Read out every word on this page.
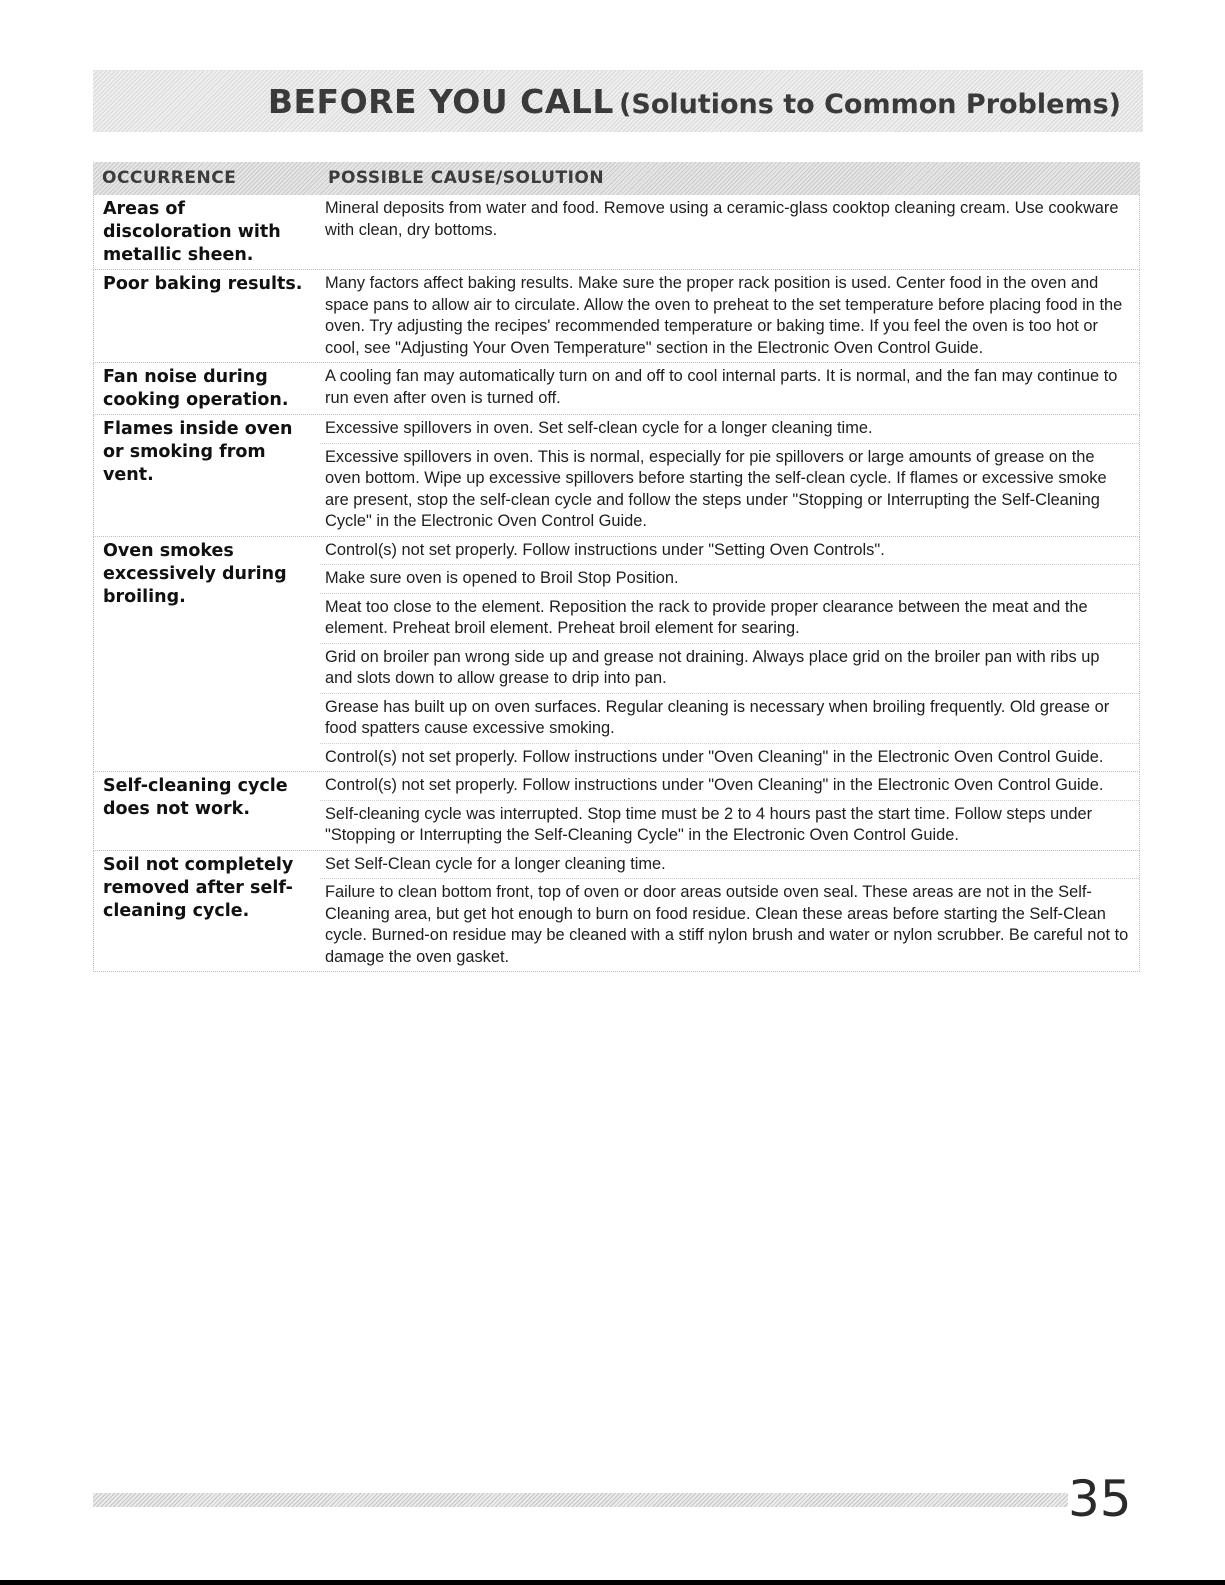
BEFORE YOU CALL (Solutions to Common Problems)
OCCURRENCE	POSSIBLE CAUSE/SOLUTION
Areas of discoloration with metallic sheen.
Mineral deposits from water and food. Remove using a ceramic-glass cooktop cleaning cream. Use cookware with clean, dry bottoms.
Poor baking results.	Many factors affect baking results. Make sure the proper rack position is used. Center food in the oven and space pans to allow air to circulate. Allow the oven to preheat to the set temperature before placing food in the oven. Try adjusting the recipes' recommended temperature or baking time. If you feel the oven is too hot or cool, see "Adjusting Your Oven Temperature" section in the Electronic Oven Control Guide.
Fan noise during cooking operation.
A cooling fan may automatically turn on and off to cool internal parts. It is normal, and the fan may continue to run even after oven is turned off.
Flames inside oven or smoking from vent.
Excessive spillovers in oven. Set self-clean cycle for a longer cleaning time.
Excessive spillovers in oven. This is normal, especially for pie spillovers or large amounts of grease on the oven bottom. Wipe up excessive spillovers before starting the self-clean cycle. If flames or excessive smoke are present, stop the self-clean cycle and follow the steps under "Stopping or Interrupting the Self-Cleaning Cycle" in the Electronic Oven Control Guide.
Oven smokes excessively during broiling.
Control(s) not set properly. Follow instructions under "Setting Oven Controls".
Make sure oven is opened to Broil Stop Position.
Meat too close to the element. Reposition the rack to provide proper clearance between the meat and the element. Preheat broil element. Preheat broil element for searing.
Grid on broiler pan wrong side up and grease not draining. Always place grid on the broiler pan with ribs up and slots down to allow grease to drip into pan.
Grease has built up on oven surfaces. Regular cleaning is necessary when broiling frequently. Old grease or food spatters cause excessive smoking.
Control(s) not set properly. Follow instructions under "Oven Cleaning" in the Electronic Oven Control Guide.
Self-cleaning cycle does not work.
Control(s) not set properly. Follow instructions under "Oven Cleaning" in the Electronic Oven Control Guide.
Self-cleaning cycle was interrupted. Stop time must be 2 to 4 hours past the start time. Follow steps under "Stopping or Interrupting the Self-Cleaning Cycle" in the Electronic Oven Control Guide.
Soil not completely removed after self-cleaning cycle.
Set Self-Clean cycle for a longer cleaning time.
Failure to clean bottom front, top of oven or door areas outside oven seal. These areas are not in the Self-Cleaning area, but get hot enough to burn on food residue. Clean these areas before starting the Self-Clean cycle. Burned-on residue may be cleaned with a stiff nylon brush and water or nylon scrubber. Be careful not to damage the oven gasket.
35
